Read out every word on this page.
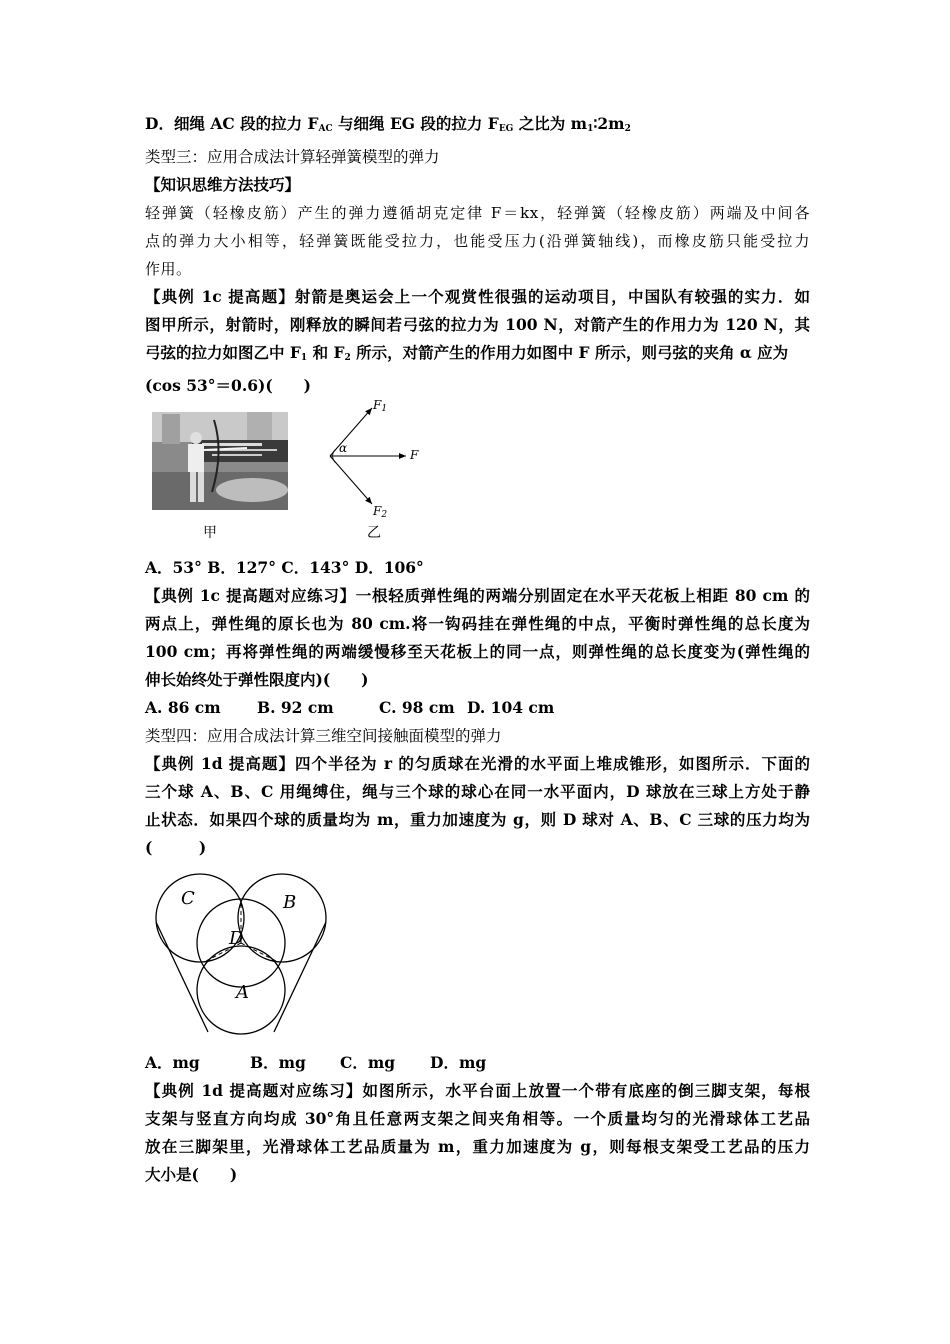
D．细绳 AC 段的拉力 $F_{AC}$ 与细绳 EG 段的拉力 $F_{EG}$ 之比为 $m_1∶2m_2$
类型三：应用合成法计算轻弹簧模型的弹力
【知识思维方法技巧】
轻弹簧（轻橡皮筋）产生的弹力遵循胡克定律 F＝kx，轻弹簧（轻橡皮筋）两端及中间各
点的弹力大小相等，轻弹簧既能受拉力，也能受压力(沿弹簧轴线)，而橡皮筋只能受拉力
作用。
【典例 1c 提高题】射箭是奥运会上一个观赏性很强的运动项目，中国队有较强的实力．如
图甲所示，射箭时，刚释放的瞬间若弓弦的拉力为 100 N，对箭产生的作用力为 120 N，其
弓弦的拉力如图乙中 $F_1$ 和 $F_2$ 所示，对箭产生的作用力如图中 F 所示，则弓弦的夹角 α 应为
(cos 53°＝0.6)(　　)
甲
$F_1$
$F_2$
F
α
乙
A．53° B．127° C．143° D．106°
【典例 1c 提高题对应练习】一根轻质弹性绳的两端分别固定在水平天花板上相距 80 cm 的
两点上，弹性绳的原长也为 80 cm.将一钩码挂在弹性绳的中点，平衡时弹性绳的总长度为
100 cm；再将弹性绳的两端缓慢移至天花板上的同一点，则弹性绳的总长度变为(弹性绳的
伸长始终处于弹性限度内)(　　)
A. 86 cm B. 92 cm	C. 98 cm D. 104 cm
类型四：应用合成法计算三维空间接触面模型的弹力
【典例 1d 提高题】四个半径为 r 的匀质球在光滑的水平面上堆成锥形，如图所示．下面的
三个球 A、B、C 用绳缚住，绳与三个球的球心在同一水平面内，D 球放在三球上方处于静
止状态．如果四个球的质量均为 m，重力加速度为 g，则 D 球对 A、B、C 三球的压力均为
(　　　)
C	B
D
A
A．mg	B．mg C．mg D．mg
【典例 1d 提高题对应练习】如图所示，水平台面上放置一个带有底座的倒三脚支架，每根
支架与竖直方向均成 30°角且任意两支架之间夹角相等。一个质量均匀的光滑球体工艺品
放在三脚架里，光滑球体工艺品质量为 m，重力加速度为 g，则每根支架受工艺品的压力
大小是(　　)
